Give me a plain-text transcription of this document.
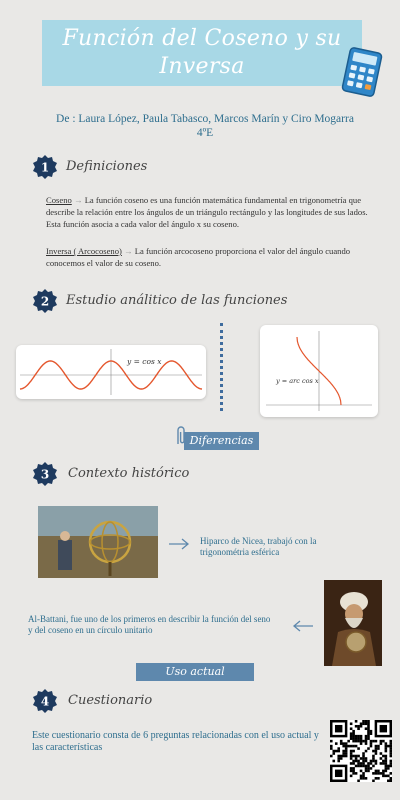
Función del Coseno y su Inversa
De : Laura López, Paula Tabasco, Marcos Marín y Ciro Mogarra
4ºE
1 Definiciones
Coseno → La función coseno es una función matemática fundamental en trigonometría que describe la relación entre los ángulos de un triángulo rectángulo y las longitudes de sus lados. Esta función asocia a cada valor del ángulo x su coseno.
Inversa ( Arcocoseno) → La función arcocoseno proporciona el valor del ángulo cuando conocemos el valor de su coseno.
2 Estudio análitico de las funciones
y = cos x
y = arc cos x
Diferencias
3 Contexto histórico
Hiparco de Nicea, trabajó con la trigonométria esférica
Al-Battani, fue uno de los primeros en describir la función del seno y del coseno en un círculo unitario
Uso actual
4 Cuestionario
Este cuestionario consta de 6 preguntas relacionadas con el uso actual y las características
